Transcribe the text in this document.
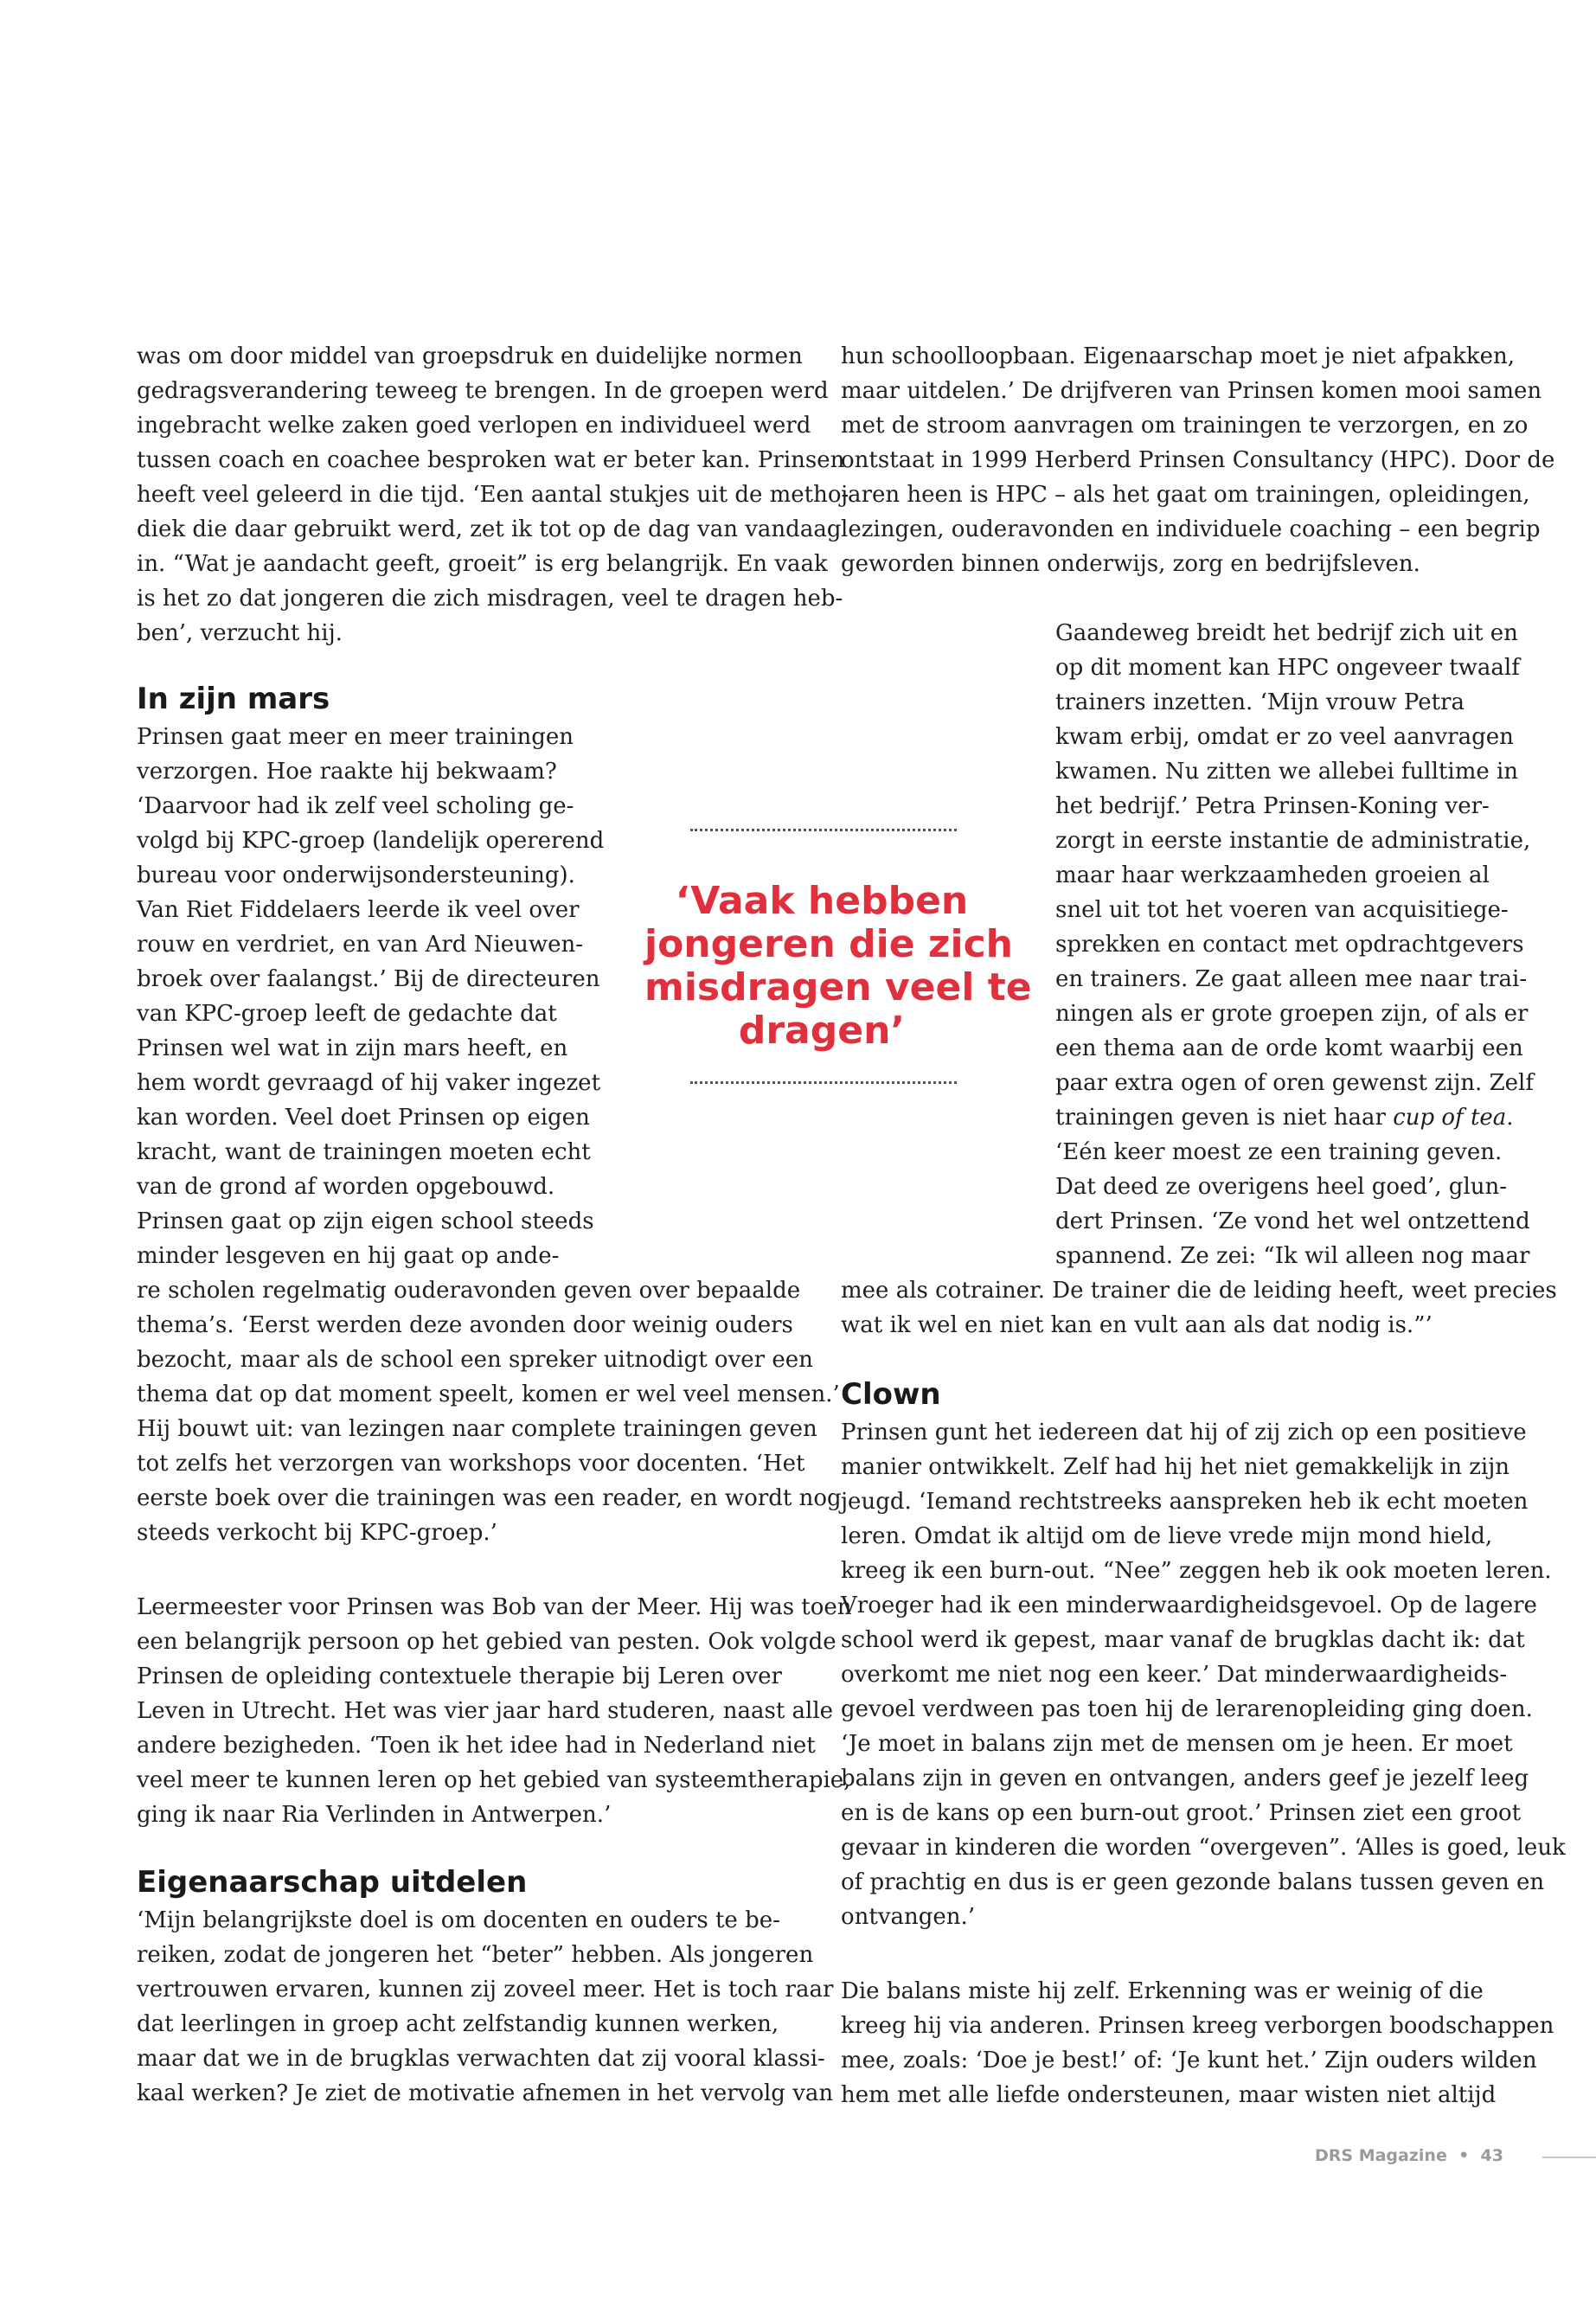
was om door middel van groepsdruk en duidelijke normen

gedragsverandering teweeg te brengen. In de groepen werd

ingebracht welke zaken goed verlopen en individueel werd

tussen coach en coachee besproken wat er beter kan. Prinsen

heeft veel geleerd in die tijd. ‘Een aantal stukjes uit de metho-

diek die daar gebruikt werd, zet ik tot op de dag van vandaag

in. “Wat je aandacht geeft, groeit” is erg belangrijk. En vaak

is het zo dat jongeren die zich misdragen, veel te dragen heb-

ben’, verzucht hij.

In zijn mars

Prinsen gaat meer en meer trainingen

verzorgen. Hoe raakte hij bekwaam?

‘Daarvoor had ik zelf veel scholing ge-

volgd bij KPC-groep (landelijk opererend

bureau voor onderwijsondersteuning).

Van Riet Fiddelaers leerde ik veel over

rouw en verdriet, en van Ard Nieuwen-

broek over faalangst.’ Bij de directeuren

van KPC-groep leeft de gedachte dat

Prinsen wel wat in zijn mars heeft, en

hem wordt gevraagd of hij vaker ingezet

kan worden. Veel doet Prinsen op eigen

kracht, want de trainingen moeten echt

van de grond af worden opgebouwd.

Prinsen gaat op zijn eigen school steeds

minder lesgeven en hij gaat op ande-

re scholen regelmatig ouderavonden geven over bepaalde

thema’s. ‘Eerst werden deze avonden door weinig ouders

bezocht, maar als de school een spreker uitnodigt over een

thema dat op dat moment speelt, komen er wel veel mensen.’

Hij bouwt uit: van lezingen naar complete trainingen geven

tot zelfs het verzorgen van workshops voor docenten. ‘Het

eerste boek over die trainingen was een reader, en wordt nog

steeds verkocht bij KPC-groep.’

Leermeester voor Prinsen was Bob van der Meer. Hij was toen

een belangrijk persoon op het gebied van pesten. Ook volgde

Prinsen de opleiding contextuele therapie bij Leren over

Leven in Utrecht. Het was vier jaar hard studeren, naast alle

andere bezigheden. ‘Toen ik het idee had in Nederland niet

veel meer te kunnen leren op het gebied van systeemtherapie,

ging ik naar Ria Verlinden in Antwerpen.’

Eigenaarschap uitdelen

‘Mijn belangrijkste doel is om docenten en ouders te be-

reiken, zodat de jongeren het “beter” hebben. Als jongeren

vertrouwen ervaren, kunnen zij zoveel meer. Het is toch raar

dat leerlingen in groep acht zelfstandig kunnen werken,

maar dat we in de brugklas verwachten dat zij vooral klassi-

kaal werken? Je ziet de motivatie afnemen in het vervolg van

‘Vaak hebben

jongeren die zich

misdragen veel te

dragen’

hun schoolloopbaan. Eigenaarschap moet je niet afpakken,

maar uitdelen.’ De drijfveren van Prinsen komen mooi samen

met de stroom aanvragen om trainingen te verzorgen, en zo

ontstaat in 1999 Herberd Prinsen Consultancy (HPC). Door de

jaren heen is HPC – als het gaat om trainingen, opleidingen,

lezingen, ouderavonden en individuele coaching – een begrip

geworden binnen onderwijs, zorg en bedrijfsleven.

Gaandeweg breidt het bedrijf zich uit en

op dit moment kan HPC ongeveer twaalf

trainers inzetten. ‘Mijn vrouw Petra

kwam erbij, omdat er zo veel aanvragen

kwamen. Nu zitten we allebei fulltime in

het bedrijf.’ Petra Prinsen-Koning ver-

zorgt in eerste instantie de administratie,

maar haar werkzaamheden groeien al

snel uit tot het voeren van acquisitiege-

sprekken en contact met opdrachtgevers

en trainers. Ze gaat alleen mee naar trai-

ningen als er grote groepen zijn, of als er

een thema aan de orde komt waarbij een

paar extra ogen of oren gewenst zijn. Zelf

trainingen geven is niet haar cup of tea.

‘Eén keer moest ze een training geven.

Dat deed ze overigens heel goed’, glun-

dert Prinsen. ‘Ze vond het wel ontzettend

spannend. Ze zei: “Ik wil alleen nog maar

mee als cotrainer. De trainer die de leiding heeft, weet precies

wat ik wel en niet kan en vult aan als dat nodig is.”’

Clown

Prinsen gunt het iedereen dat hij of zij zich op een positieve

manier ontwikkelt. Zelf had hij het niet gemakkelijk in zijn

jeugd. ‘Iemand rechtstreeks aanspreken heb ik echt moeten

leren. Omdat ik altijd om de lieve vrede mijn mond hield,

kreeg ik een burn-out. “Nee” zeggen heb ik ook moeten leren.

Vroeger had ik een minderwaardigheidsgevoel. Op de lagere

school werd ik gepest, maar vanaf de brugklas dacht ik: dat

overkomt me niet nog een keer.’ Dat minderwaardigheids-

gevoel verdween pas toen hij de lerarenopleiding ging doen.

‘Je moet in balans zijn met de mensen om je heen. Er moet

balans zijn in geven en ontvangen, anders geef je jezelf leeg

en is de kans op een burn-out groot.’ Prinsen ziet een groot

gevaar in kinderen die worden “overgeven”. ‘Alles is goed, leuk

of prachtig en dus is er geen gezonde balans tussen geven en

ontvangen.’

Die balans miste hij zelf. Erkenning was er weinig of die

kreeg hij via anderen. Prinsen kreeg verborgen boodschappen

mee, zoals: ‘Doe je best!’ of: ‘Je kunt het.’ Zijn ouders wilden

hem met alle liefde ondersteunen, maar wisten niet altijd

DRS Magazine • 43
